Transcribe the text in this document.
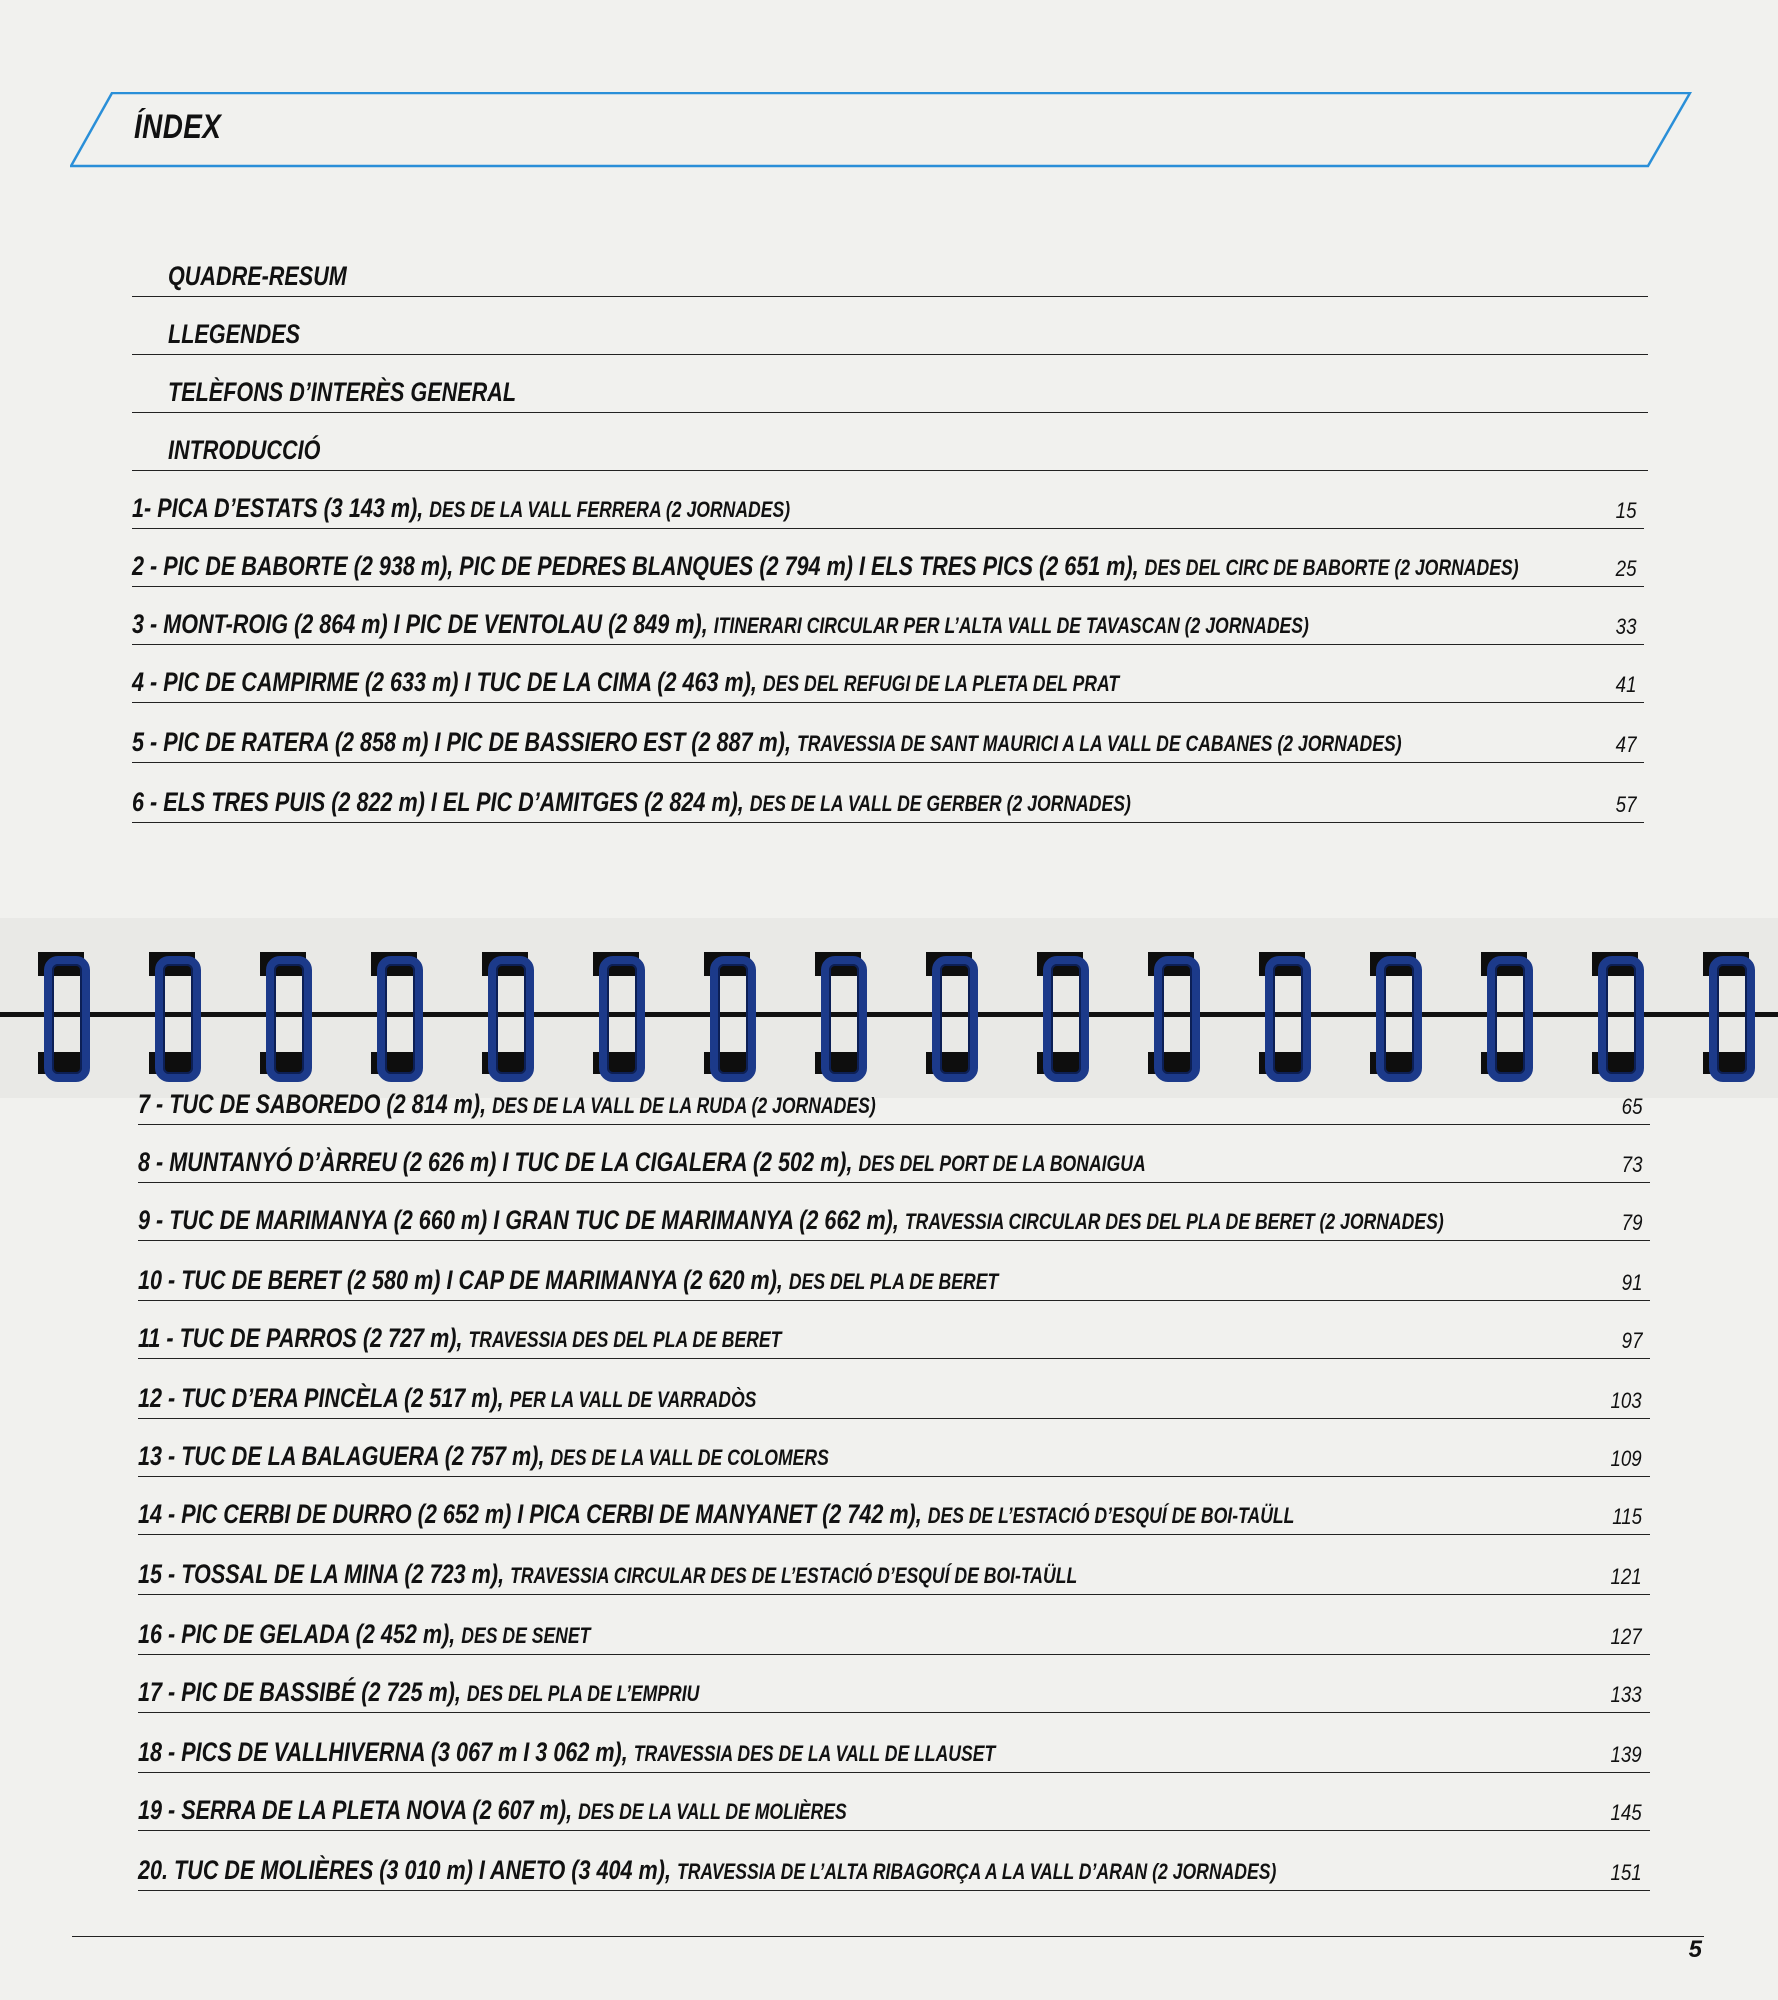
ÍNDEX
QUADRE-RESUM
LLEGENDES
TELÈFONS D’INTERÈS GENERAL
INTRODUCCIÓ
1- PICA D’ESTATS (3 143 m), DES DE LA VALL FERRERA (2 JORNADES)	15
2 - PIC DE BABORTE (2 938 m), PIC DE PEDRES BLANQUES (2 794 m) I ELS TRES PICS (2 651 m), DES DEL CIRC DE BABORTE (2 JORNADES)	25
3 - MONT-ROIG (2 864 m) I PIC DE VENTOLAU (2 849 m), ITINERARI CIRCULAR PER L’ALTA VALL DE TAVASCAN (2 JORNADES)	33
4 - PIC DE CAMPIRME (2 633 m) I TUC DE LA CIMA (2 463 m), DES DEL REFUGI DE LA PLETA DEL PRAT	41
5 - PIC DE RATERA (2 858 m) I PIC DE BASSIERO EST (2 887 m), TRAVESSIA DE SANT MAURICI A LA VALL DE CABANES (2 JORNADES)	47
6 - ELS TRES PUIS (2 822 m) I EL PIC D’AMITGES (2 824 m), DES DE LA VALL DE GERBER (2 JORNADES)	57
7 - TUC DE SABOREDO (2 814 m), DES DE LA VALL DE LA RUDA (2 JORNADES)	65
8 - MUNTANYÓ D’ÀRREU (2 626 m) I TUC DE LA CIGALERA (2 502 m), DES DEL PORT DE LA BONAIGUA	73
9 - TUC DE MARIMANYA (2 660 m) I GRAN TUC DE MARIMANYA (2 662 m), TRAVESSIA CIRCULAR DES DEL PLA DE BERET (2 JORNADES)	79
10 - TUC DE BERET (2 580 m) I CAP DE MARIMANYA (2 620 m), DES DEL PLA DE BERET	91
11 - TUC DE PARROS (2 727 m), TRAVESSIA DES DEL PLA DE BERET	97
12 - TUC D’ERA PINCÈLA (2 517 m), PER LA VALL DE VARRADÒS	103
13 - TUC DE LA BALAGUERA (2 757 m), DES DE LA VALL DE COLOMERS	109
14 - PIC CERBI DE DURRO (2 652 m) I PICA CERBI DE MANYANET (2 742 m), DES DE L’ESTACIÓ D’ESQUÍ DE BOI-TAÜLL	115
15 - TOSSAL DE LA MINA (2 723 m), TRAVESSIA CIRCULAR DES DE L’ESTACIÓ D’ESQUÍ DE BOI-TAÜLL	121
16 - PIC DE GELADA (2 452 m), DES DE SENET	127
17 - PIC DE BASSIBÉ (2 725 m), DES DEL PLA DE L’EMPRIU	133
18 - PICS DE VALLHIVERNA (3 067 m I 3 062 m), TRAVESSIA DES DE LA VALL DE LLAUSET	139
19 - SERRA DE LA PLETA NOVA (2 607 m), DES DE LA VALL DE MOLIÈRES	145
20. TUC DE MOLIÈRES (3 010 m) I ANETO (3 404 m), TRAVESSIA DE L’ALTA RIBAGORÇA A LA VALL D’ARAN (2 JORNADES)	151
5
